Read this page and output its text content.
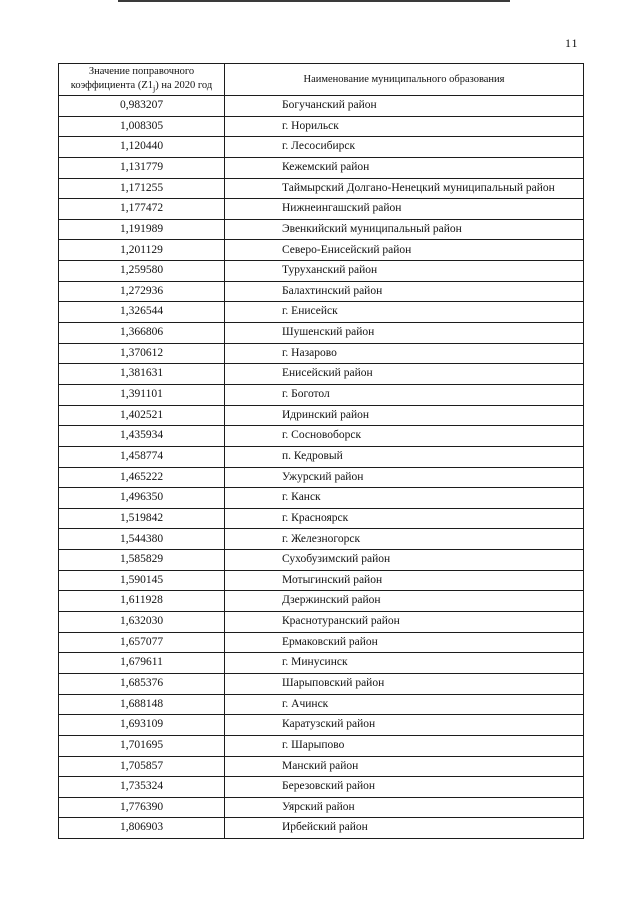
11
Значение поправочного
коэффициента $(Z1_j)$ на 2020 год	Наименование муниципального образования
0,983207	Богучанский район
1,008305	г. Норильск
1,120440	г. Лесосибирск
1,131779	Кежемский район
1,171255	Таймырский Долгано-Ненецкий муниципальный район
1,177472	Нижнеингашский район
1,191989	Эвенкийский муниципальный район
1,201129	Северо-Енисейский район
1,259580	Туруханский район
1,272936	Балахтинский район
1,326544	г. Енисейск
1,366806	Шушенский район
1,370612	г. Назарово
1,381631	Енисейский район
1,391101	г. Боготол
1,402521	Идринский район
1,435934	г. Сосновоборск
1,458774	п. Кедровый
1,465222	Ужурский район
1,496350	г. Канск
1,519842	г. Красноярск
1,544380	г. Железногорск
1,585829	Сухобузимский район
1,590145	Мотыгинский район
1,611928	Дзержинский район
1,632030	Краснотуранский район
1,657077	Ермаковский район
1,679611	г. Минусинск
1,685376	Шарыповский район
1,688148	г. Ачинск
1,693109	Каратузский район
1,701695	г. Шарыпово
1,705857	Манский район
1,735324	Березовский район
1,776390	Уярский район
1,806903	Ирбейский район
